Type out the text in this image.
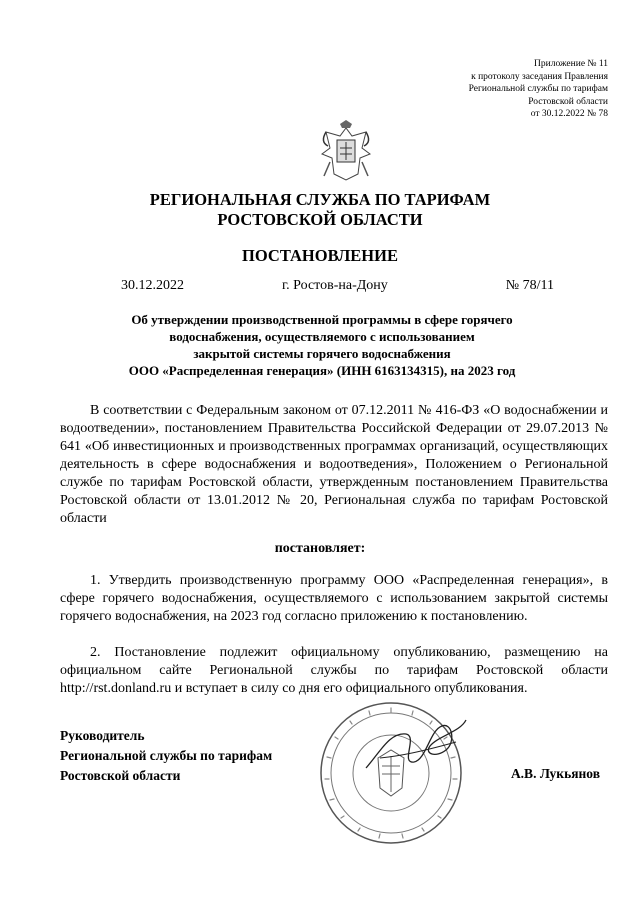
Приложение № 11
к протоколу заседания Правления
Региональной службы по тарифам
Ростовской области
от 30.12.2022 № 78
РЕГИОНАЛЬНАЯ СЛУЖБА ПО ТАРИФАМ
РОСТОВСКОЙ ОБЛАСТИ
ПОСТАНОВЛЕНИЕ
30.12.2022	г. Ростов-на-Дону	№ 78/11
Об утверждении производственной программы в сфере горячего
водоснабжения, осуществляемого с использованием
закрытой системы горячего водоснабжения
ООО «Распределенная генерация» (ИНН 6163134315), на 2023 год

В соответствии с Федеральным законом от 07.12.2011 № 416-ФЗ «О водоснабжении и водоотведении», постановлением Правительства Российской Федерации от 29.07.2013 № 641 «Об инвестиционных и производственных программах организаций, осуществляющих деятельность в сфере водоснабжения и водоотведения», Положением о Региональной службе по тарифам Ростовской области, утвержденным постановлением Правительства Ростовской области от 13.01.2012 № 20, Региональная служба по тарифам Ростовской области

постановляет:

1. Утвердить производственную программу ООО «Распределенная генерация», в сфере горячего водоснабжения, осуществляемого с использованием закрытой системы горячего водоснабжения, на 2023 год согласно приложению к постановлению.

2. Постановление подлежит официальному опубликованию, размещению на официальном сайте Региональной службы по тарифам Ростовской области http://rst.donland.ru и вступает в силу со дня его официального опубликования.

Руководитель
Региональной службы по тарифам
Ростовской области	А.В. Лукьянов
